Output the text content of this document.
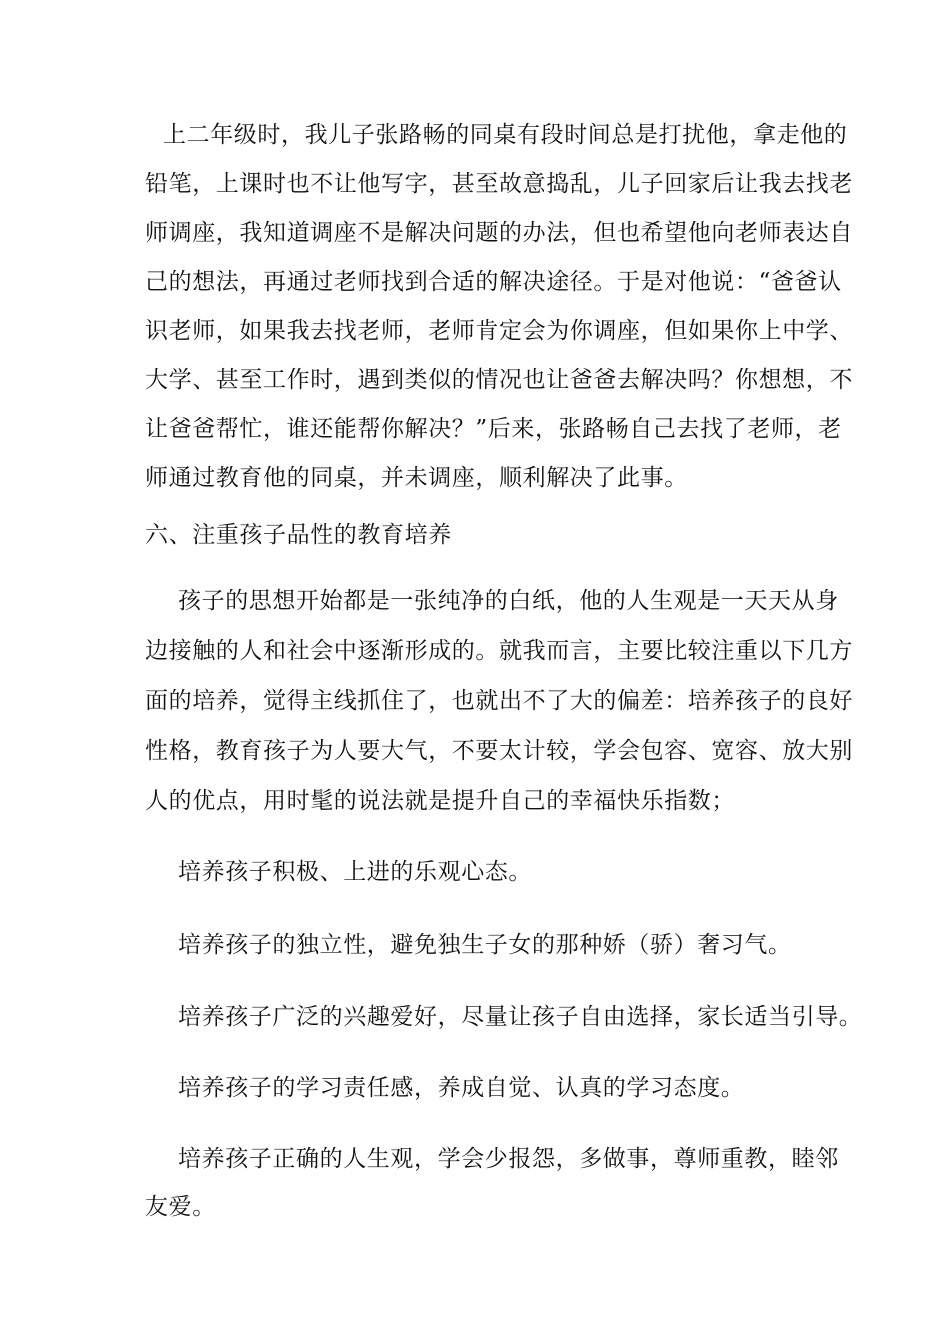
上二年级时，我儿子张路畅的同桌有段时间总是打扰他，拿走他的
铅笔，上课时也不让他写字，甚至故意捣乱，儿子回家后让我去找老
师调座，我知道调座不是解决问题的办法，但也希望他向老师表达自
己的想法，再通过老师找到合适的解决途径。于是对他说：“爸爸认
识老师，如果我去找老师，老师肯定会为你调座，但如果你上中学、
大学、甚至工作时，遇到类似的情况也让爸爸去解决吗？你想想，不
让爸爸帮忙，谁还能帮你解决？”后来，张路畅自己去找了老师，老
师通过教育他的同桌，并未调座，顺利解决了此事。
六、注重孩子品性的教育培养
孩子的思想开始都是一张纯净的白纸，他的人生观是一天天从身
边接触的人和社会中逐渐形成的。就我而言，主要比较注重以下几方
面的培养，觉得主线抓住了，也就出不了大的偏差：培养孩子的良好
性格，教育孩子为人要大气，不要太计较，学会包容、宽容、放大别
人的优点，用时髦的说法就是提升自己的幸福快乐指数；
培养孩子积极、上进的乐观心态。
培养孩子的独立性，避免独生子女的那种娇（骄）奢习气。
培养孩子广泛的兴趣爱好，尽量让孩子自由选择，家长适当引导。
培养孩子的学习责任感，养成自觉、认真的学习态度。
培养孩子正确的人生观，学会少报怨，多做事，尊师重教，睦邻
友爱。
